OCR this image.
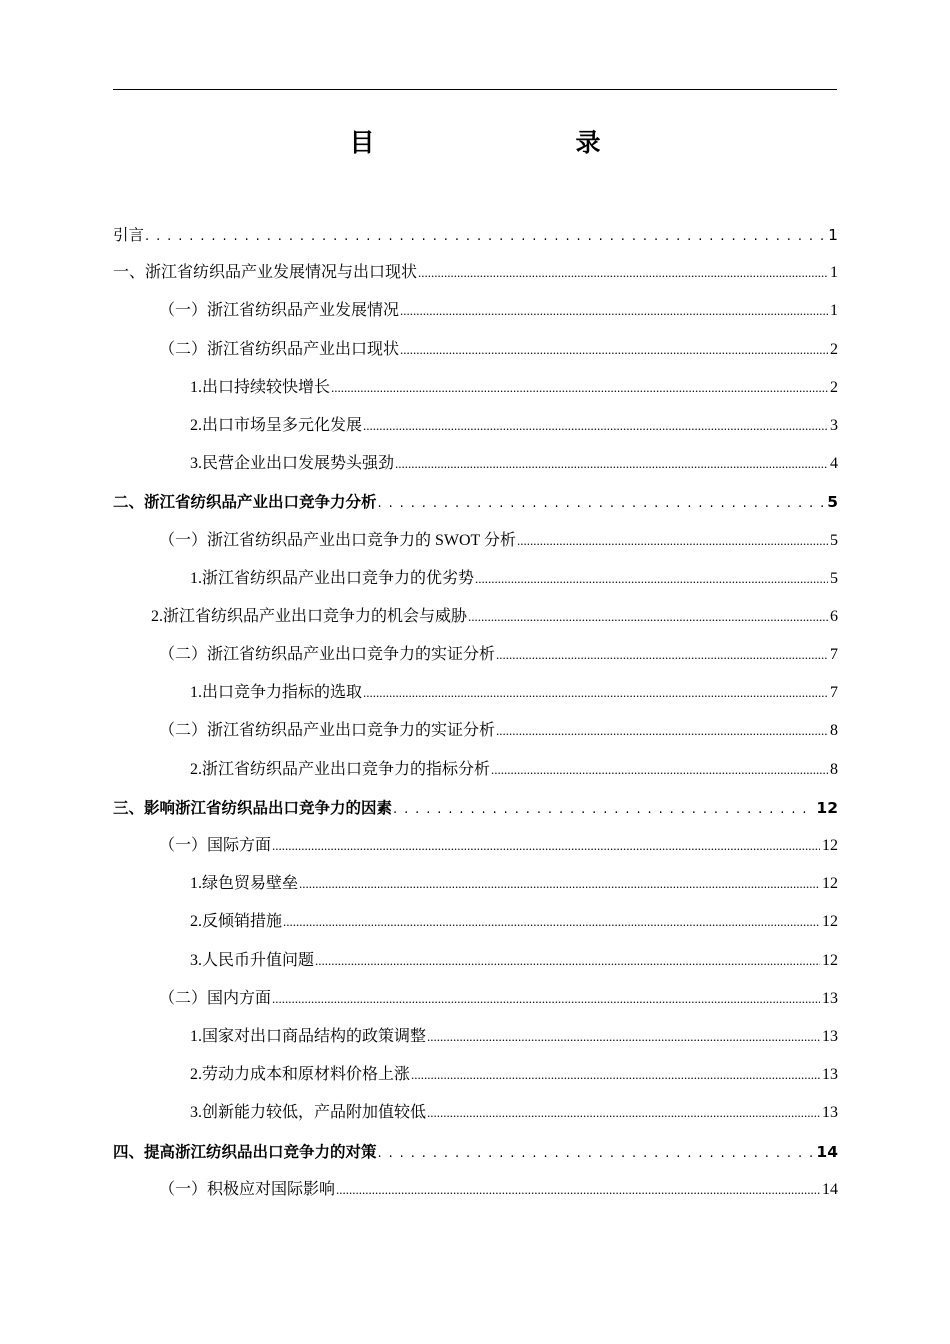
目　录
引言 . . .	1
一、浙江省纺织品产业发展情况与出口现状 .....	1
（一）浙江省纺织品产业发展情况 .....	1
（二）浙江省纺织品产业出口现状 .....	2
1.出口持续较快增长 .....	2
2.出口市场呈多元化发展 .....	3
3.民营企业出口发展势头强劲 .....	4
二、浙江省纺织品产业出口竞争力分析 . . .	5
（一）浙江省纺织品产业出口竞争力的 SWOT 分析 .....	5
1.浙江省纺织品产业出口竞争力的优劣势 .....	5
2.浙江省纺织品产业出口竞争力的机会与威胁 .....	6
（二）浙江省纺织品产业出口竞争力的实证分析 .....	7
1.出口竞争力指标的选取 .....	7
（二）浙江省纺织品产业出口竞争力的实证分析 .....	8
2.浙江省纺织品产业出口竞争力的指标分析 .....	8
三、影响浙江省纺织品出口竞争力的因素 . . .	12
（一）国际方面 .....	12
1.绿色贸易壁垒 .....	12
2.反倾销措施 .....	12
3.人民币升值问题 .....	12
（二）国内方面 .....	13
1.国家对出口商品结构的政策调整 .....	13
2.劳动力成本和原材料价格上涨 .....	13
3.创新能力较低，产品附加值较低 .....	13
四、提高浙江纺织品出口竞争力的对策 . . .	14
（一）积极应对国际影响 .....	14
